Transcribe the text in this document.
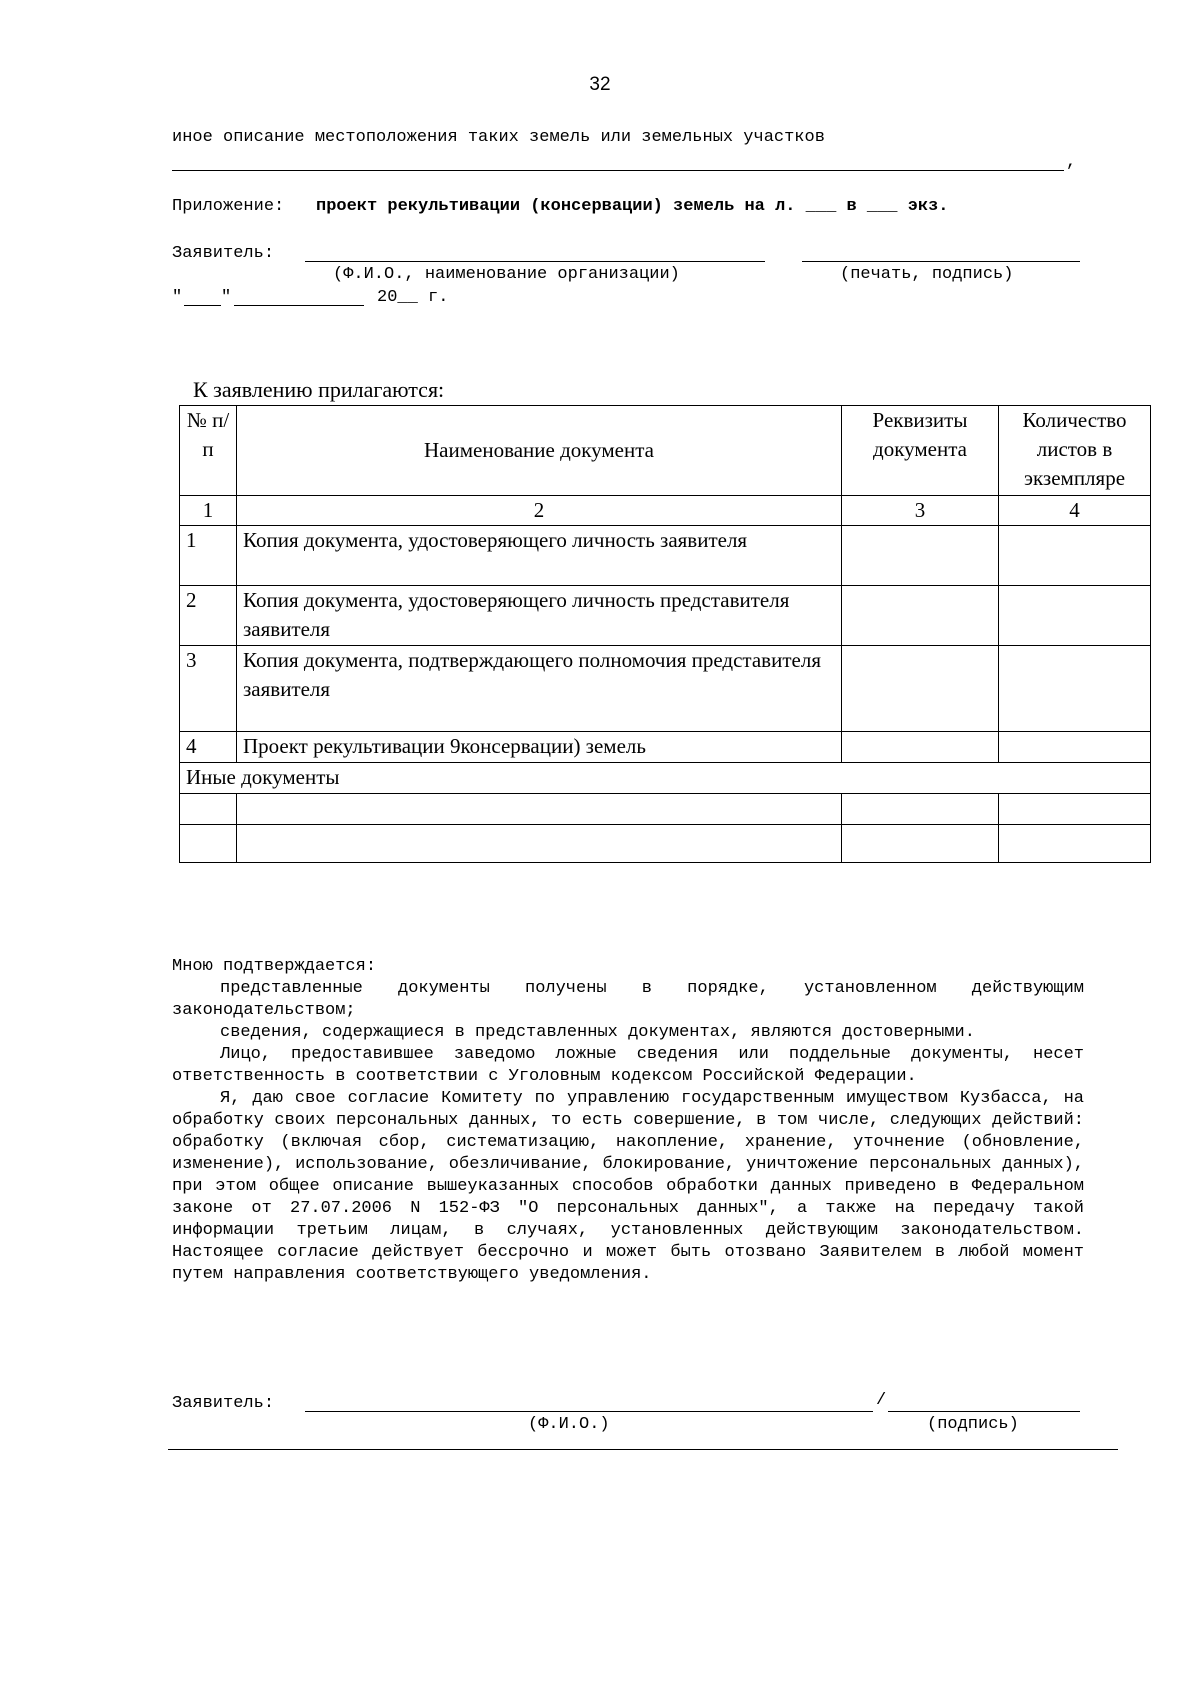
32
иное описание местоположения таких земель или земельных участков
,
Приложение: проект рекультивации (консервации) земель на л. ___ в ___ экз.
Заявитель:
(Ф.И.О., наименование организации)	(печать, подпись)
" "	20__ г.
К заявлению прилагаются:
№ п/п	Наименование документа	Реквизиты документа	Количество листов в экземпляре
1	2	3	4
1	Копия документа, удостоверяющего личность заявителя		
2	Копия документа, удостоверяющего личность представителя заявителя		
3	Копия документа, подтверждающего полномочия представителя заявителя		
4	Проект рекультивации 9консервации) земель		
Иные документы			

Мною подтверждается:

представленные документы получены в порядке, установленном действующим законодательством;

сведения, содержащиеся в представленных документах, являются достоверными.

Лицо, предоставившее заведомо ложные сведения или поддельные документы, несет ответственность в соответствии с Уголовным кодексом Российской Федерации.

Я, даю свое согласие Комитету по управлению государственным имуществом Кузбасса, на обработку своих персональных данных, то есть совершение, в том числе, следующих действий: обработку (включая сбор, систематизацию, накопление, хранение, уточнение (обновление, изменение), использование, обезличивание, блокирование, уничтожение персональных данных), при этом общее описание вышеуказанных способов обработки данных приведено в Федеральном законе от 27.07.2006 N 152-ФЗ "О персональных данных", а также на передачу такой информации третьим лицам, в случаях, установленных действующим законодательством. Настоящее согласие действует бессрочно и может быть отозвано Заявителем в любой момент путем направления соответствующего уведомления.

Заявитель:	/
(Ф.И.О.)	(подпись)
